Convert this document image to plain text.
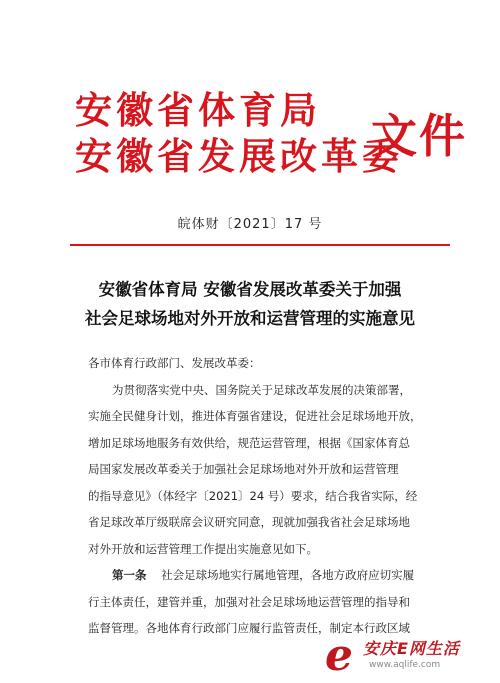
安徽省体育局
安徽省发展改革委
文件
皖体财〔2021〕17 号
安徽省体育局 安徽省发展改革委关于加强
社会足球场地对外开放和运营管理的实施意见
各市体育行政部门、发展改革委：
为贯彻落实党中央、国务院关于足球改革发展的决策部署，
实施全民健身计划，推进体育强省建设，促进社会足球场地开放，
增加足球场地服务有效供给，规范运营管理，根据《国家体育总
局国家发展改革委关于加强社会足球场地对外开放和运营管理
的指导意见》（体经字〔2021〕24 号）要求，结合我省实际，经
省足球改革厅级联席会议研究同意，现就加强我省社会足球场地
对外开放和运营管理工作提出实施意见如下。
第一条 社会足球场地实行属地管理，各地方政府应切实履
行主体责任，建管并重，加强对社会足球场地运营管理的指导和
监督管理。各地体育行政部门应履行监管责任，制定本行政区域
e 安庆E网生活
www.aqlife.com
